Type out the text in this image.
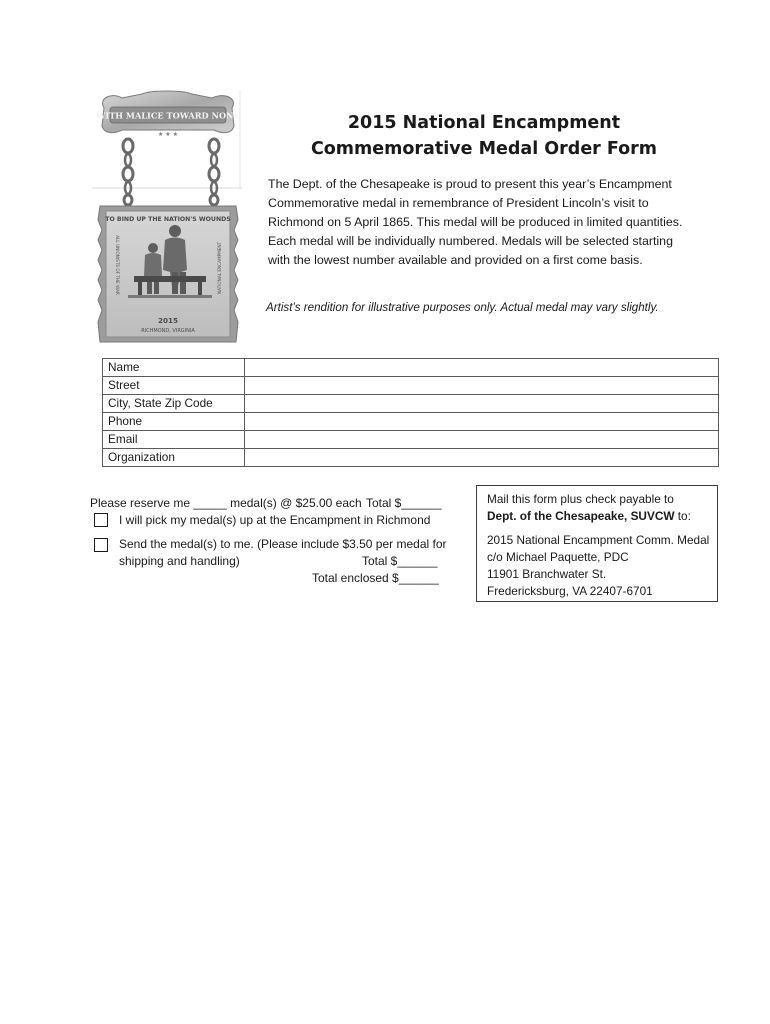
WITH MALICE TOWARD NONE
★ ★ ★
TO BIND UP THE NATION'S WOUNDS
ALL UNIONISTS OF THE WAR	NATIONAL ENCAMPMENT
2015
RICHMOND, VIRGINIA
2015 National Encampment
Commemorative Medal Order Form
The Dept. of the Chesapeake is proud to present this year’s Encampment
Commemorative medal in remembrance of President Lincoln’s visit to
Richmond on 5 April 1865. This medal will be produced in limited quantities.
Each medal will be individually numbered. Medals will be selected starting
with the lowest number available and provided on a first come basis.
Artist’s rendition for illustrative purposes only. Actual medal may vary slightly.
Name	
Street	
City, State Zip Code	
Phone	
Email	
Organization	
Please reserve me _____ medal(s) @ $25.00 each Total $______
I will pick my medal(s) up at the Encampment in Richmond
Send the medal(s) to me. (Please include $3.50 per medal for
shipping and handling)	Total $______
Total enclosed $______
Mail this form plus check payable to
Dept. of the Chesapeake, SUVCW to:
2015 National Encampment Comm. Medal
c/o Michael Paquette, PDC
11901 Branchwater St.
Fredericksburg, VA 22407-6701
